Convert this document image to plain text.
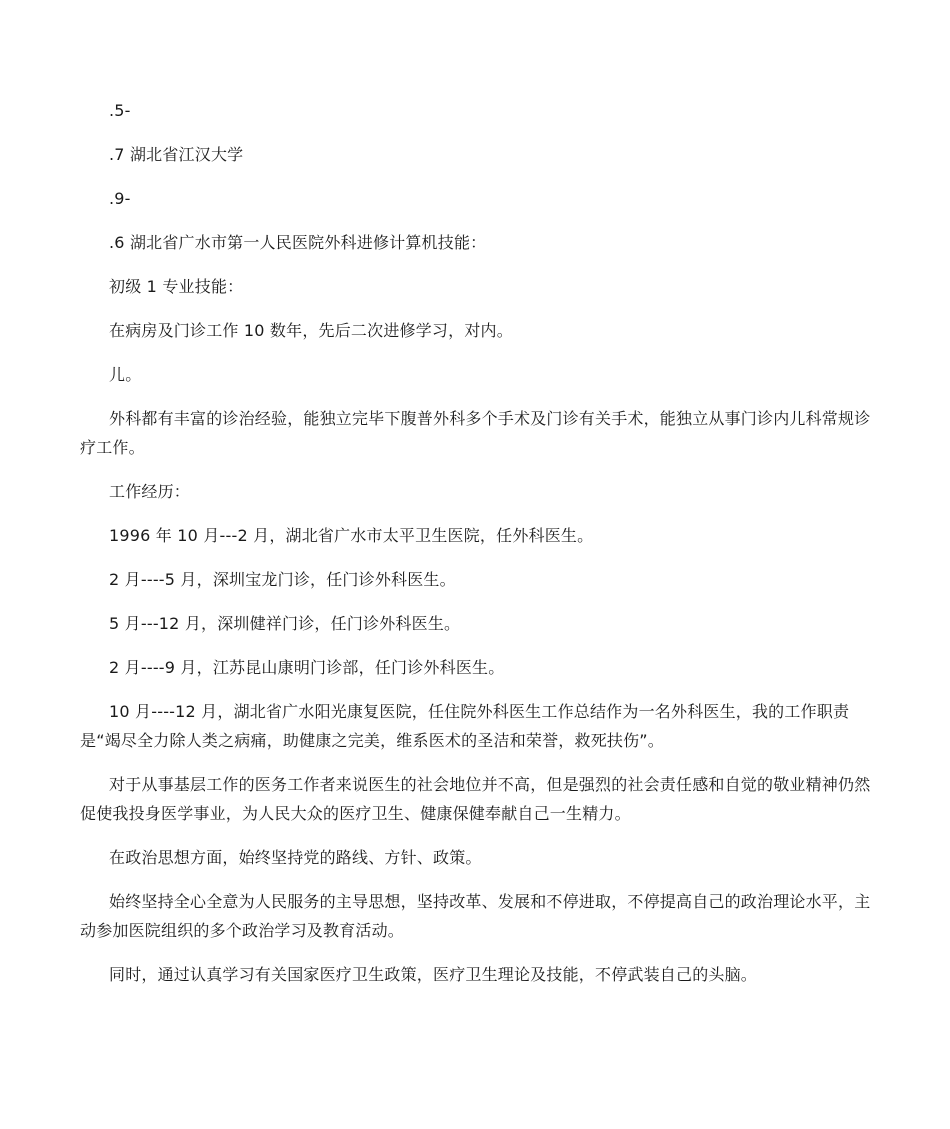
.5-

.7 湖北省江汉大学

.9-

.6 湖北省广水市第一人民医院外科进修计算机技能：

初级 1 专业技能：

在病房及门诊工作 10 数年，先后二次进修学习，对内。

儿。

外科都有丰富的诊治经验，能独立完毕下腹普外科多个手术及门诊有关手术，能独立从事门诊内儿科常规诊疗工作。

工作经历：

1996 年 10 月---2 月，湖北省广水市太平卫生医院，任外科医生。

2 月----5 月，深圳宝龙门诊，任门诊外科医生。

5 月---12 月，深圳健祥门诊，任门诊外科医生。

2 月----9 月，江苏昆山康明门诊部，任门诊外科医生。

10 月----12 月，湖北省广水阳光康复医院，任住院外科医生工作总结作为一名外科医生，我的工作职责是“竭尽全力除人类之病痛，助健康之完美，维系医术的圣洁和荣誉，救死扶伤”。

对于从事基层工作的医务工作者来说医生的社会地位并不高，但是强烈的社会责任感和自觉的敬业精神仍然促使我投身医学事业，为人民大众的医疗卫生、健康保健奉献自己一生精力。

在政治思想方面，始终坚持党的路线、方针、政策。

始终坚持全心全意为人民服务的主导思想，坚持改革、发展和不停进取，不停提高自己的政治理论水平，主动参加医院组织的多个政治学习及教育活动。

同时，通过认真学习有关国家医疗卫生政策，医疗卫生理论及技能，不停武装自己的头脑。
